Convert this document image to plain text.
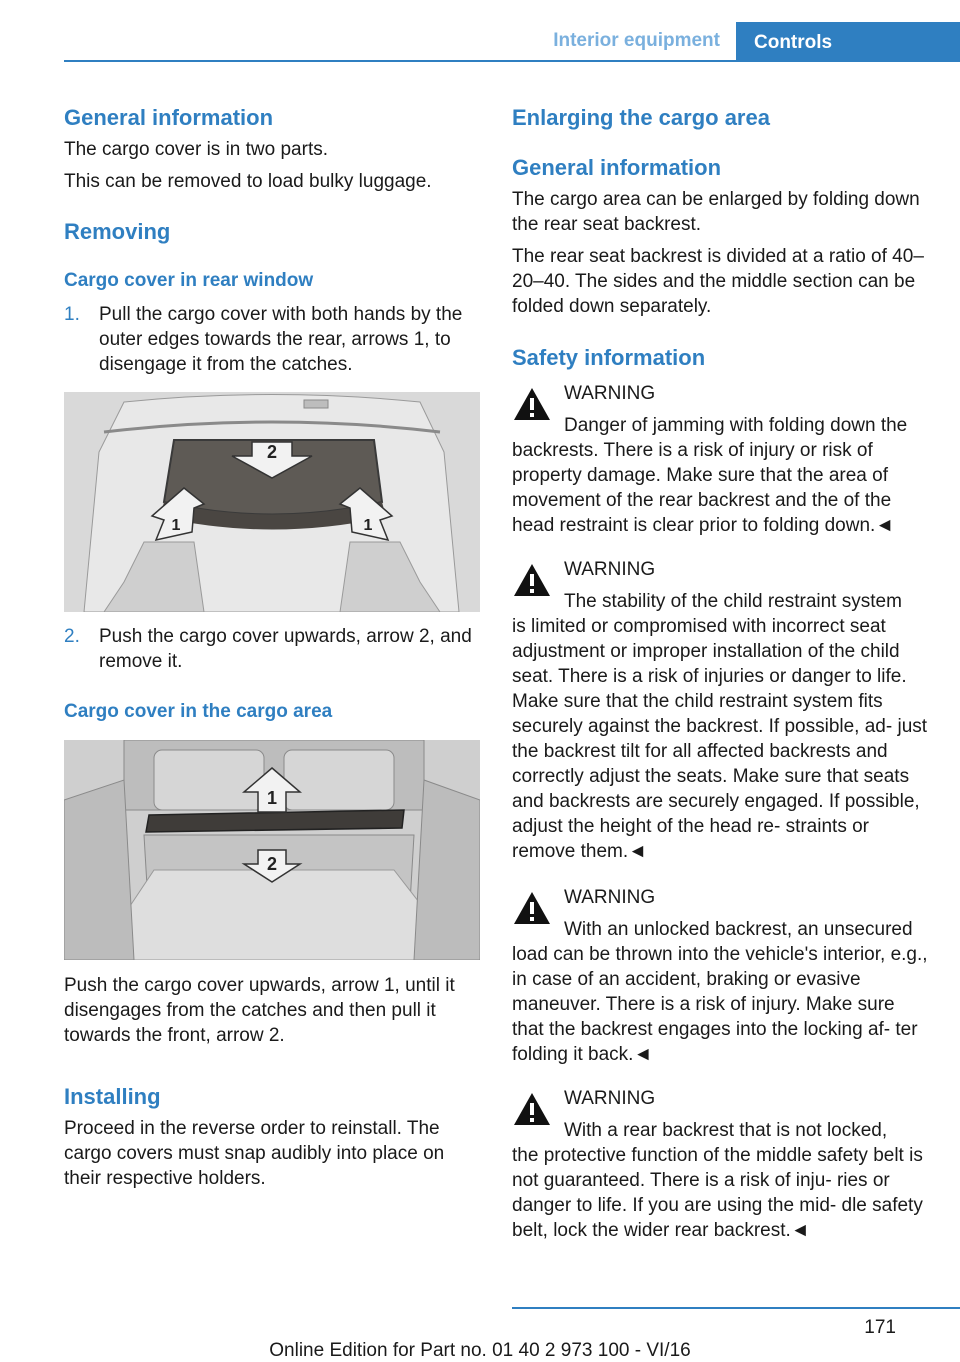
Interior equipment	Controls
General information

The cargo cover is in two parts.

This can be removed to load bulky luggage.

Removing
Cargo cover in rear window
1. Pull the cargo cover with both hands by the outer edges towards the rear, arrows 1, to disengage it from the catches.
2
1	1
2. Push the cargo cover upwards, arrow 2, and remove it.
Cargo cover in the cargo area
1
2

Push the cargo cover upwards, arrow 1, until it disengages from the catches and then pull it towards the front, arrow 2.

Installing

Proceed in the reverse order to reinstall. The cargo covers must snap audibly into place on their respective holders.

Enlarging the cargo area
General information

The cargo area can be enlarged by folding down the rear seat backrest.

The rear seat backrest is divided at a ratio of 40–20–40. The sides and the middle section can be folded down separately.

Safety information

WARNING

Danger of jamming with folding down the

backrests. There is a risk of injury or risk of property damage. Make sure that the area of movement of the rear backrest and the of the head restraint is clear prior to folding down.◄

WARNING

The stability of the child restraint system

is limited or compromised with incorrect seat adjustment or improper installation of the child seat. There is a risk of injuries or danger to life. Make sure that the child restraint system fits securely against the backrest. If possible, ad‐ just the backrest tilt for all affected backrests and correctly adjust the seats. Make sure that seats and backrests are securely engaged. If possible, adjust the height of the head re‐ straints or remove them.◄

WARNING

With an unlocked backrest, an unsecured

load can be thrown into the vehicle's interior, e.g., in case of an accident, braking or evasive maneuver. There is a risk of injury. Make sure that the backrest engages into the locking af‐ ter folding it back.◄

WARNING

With a rear backrest that is not locked,

the protective function of the middle safety belt is not guaranteed. There is a risk of inju‐ ries or danger to life. If you are using the mid‐ dle safety belt, lock the wider rear backrest.◄

171
Online Edition for Part no. 01 40 2 973 100 - VI/16
